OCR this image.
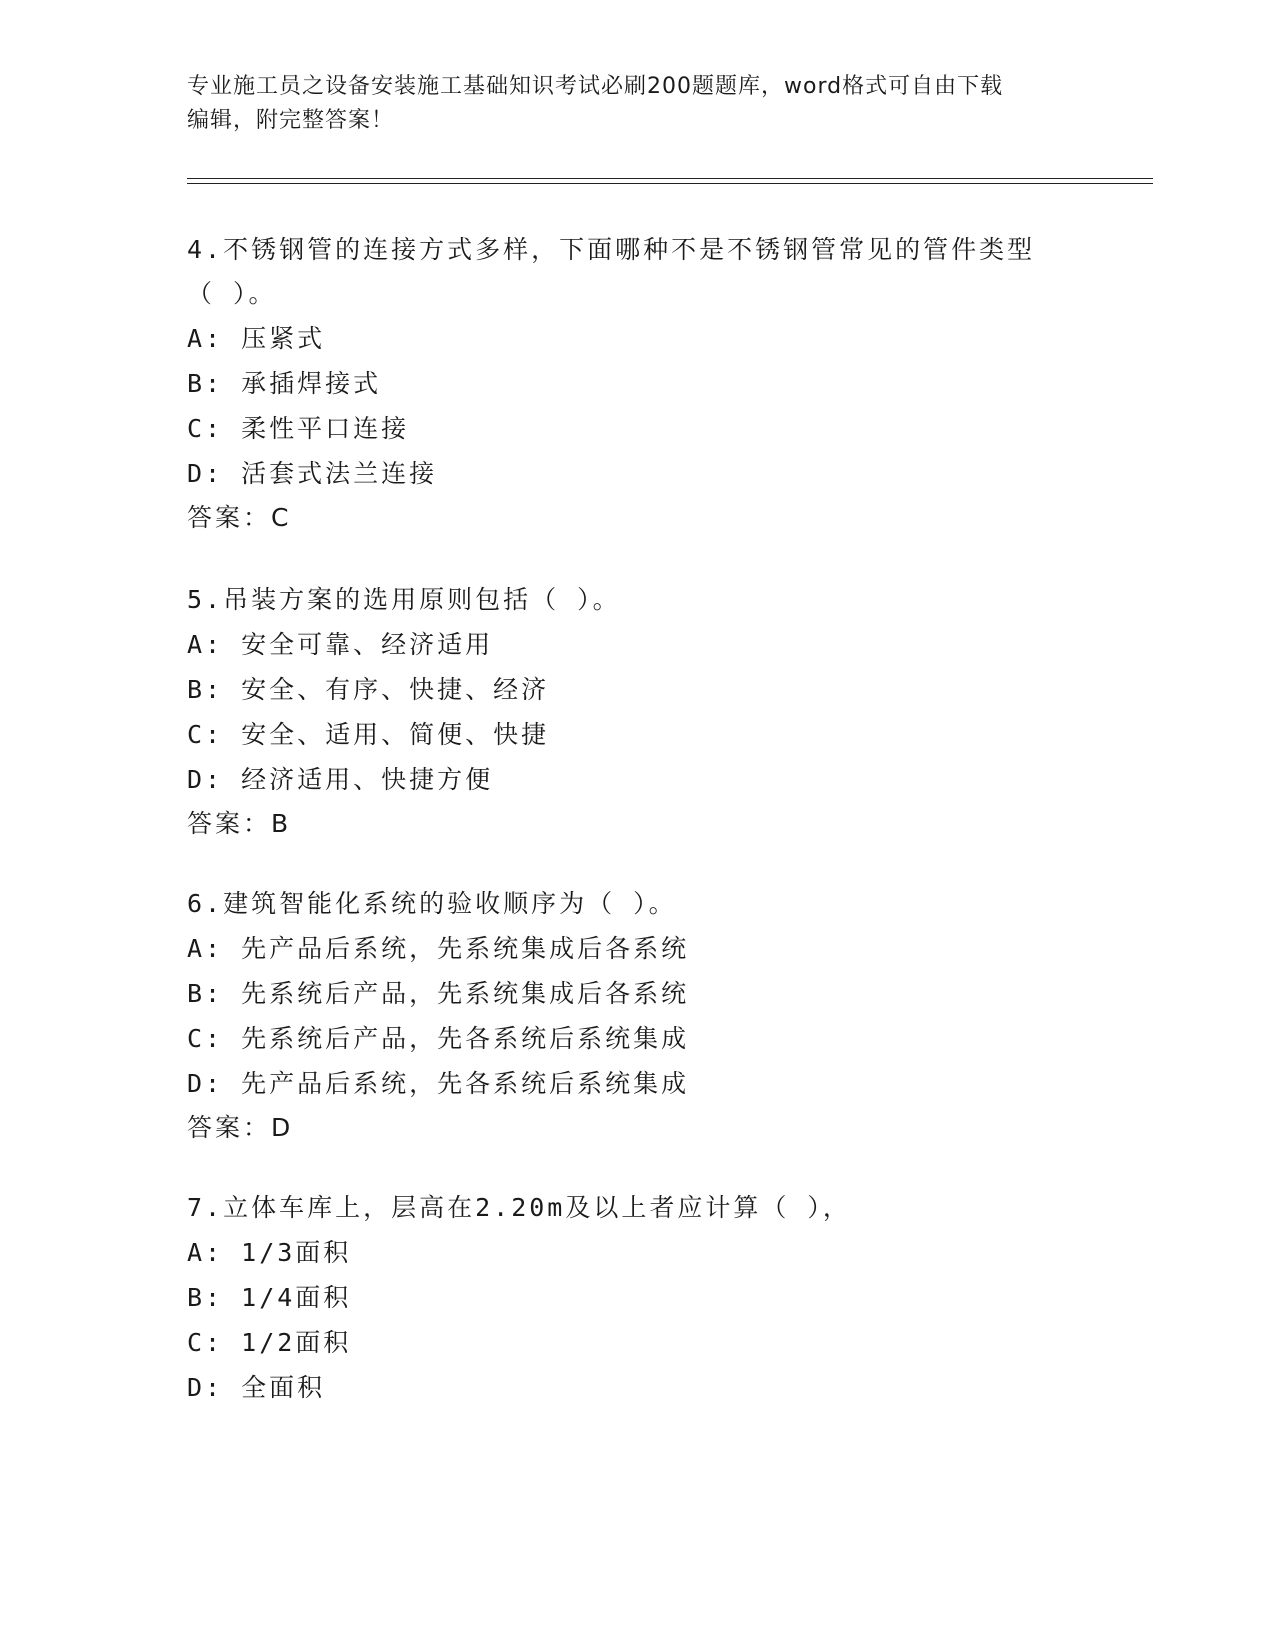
专业施工员之设备安装施工基础知识考试必刷200题题库，word格式可自由下载
编辑，附完整答案！
4.不锈钢管的连接方式多样，下面哪种不是不锈钢管常见的管件类型
（ ）。
A: 压紧式
B: 承插焊接式
C: 柔性平口连接
D: 活套式法兰连接
答案：C
5.吊装方案的选用原则包括（ ）。
A: 安全可靠、经济适用
B: 安全、有序、快捷、经济
C: 安全、适用、简便、快捷
D: 经济适用、快捷方便
答案：B
6.建筑智能化系统的验收顺序为（ ）。
A: 先产品后系统，先系统集成后各系统
B: 先系统后产品，先系统集成后各系统
C: 先系统后产品，先各系统后系统集成
D: 先产品后系统，先各系统后系统集成
答案：D
7.立体车库上，层高在2.20m及以上者应计算（ ），
A: 1/3面积
B: 1/4面积
C: 1/2面积
D: 全面积
